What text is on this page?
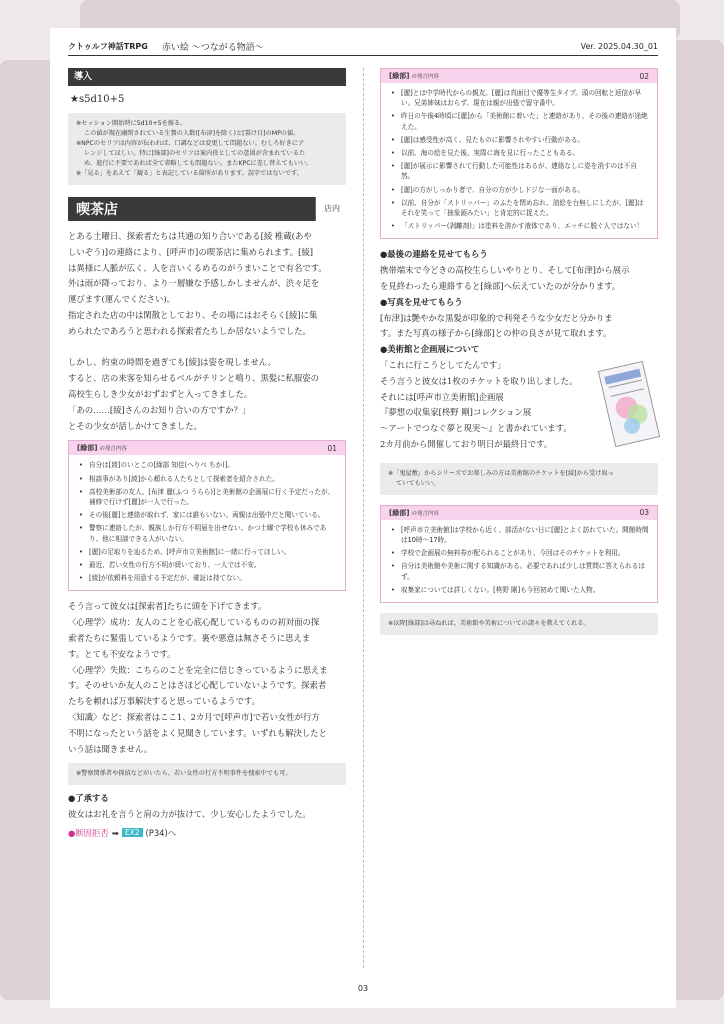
クトゥルフ神話TRPG 赤い絵 〜つながる物語〜	Ver. 2025.04.30_01
導入
★s5d10+5
※セッション開始時に5d10+5を振る。
この値が現在幽閉されている生贄の人数([布津]を除く)と[裂け目]のMPの値。
※NPCのセリフは内容が伝われば、口調などは変更して問題ない。むしろ好きにア
レンジしてほしい。特に[綠部]のセリフは案内役としての意図が含まれているた
め、進行に不要であれば全て省略しても問題ない。またKPCに差し替えてもいい。
※「見る」をあえて「観る」と表記している箇所があります。誤字ではないです。
喫茶店	店内

とある土曜日、探索者たちは共通の知り合いである[綾 椎蔵(あや

しいぞう)]の連絡により、[呼声市]の喫茶店に集められます。[綾]

は異様に人脈が広く、人を言いくるめるのがうまいことで有名です。

外は雨が降っており、より一層嫌な予感しかしませんが、渋々足を

運びます(運んでください)。

指定された店の中は閑散としており、その場にはおそらく[綾]に集

められたであろうと思われる探索者たちしか居ないようでした。

しかし、約束の時間を過ぎても[綾]は姿を現しません。

すると、店の来客を知らせるベルがチリンと鳴り、黒髪に私服姿の

高校生らしき少女がおずおずと入ってきました。

「あの……[綾]さんのお知り合いの方ですか？」

とその少女が話しかけてきました。

[綠部] の発言内容	01
• 自分は[綾]のいとこの[綠部 知佳(へりべ ちか)]。
• 相談事があり[綾]から頼れる人たちとして探索者を紹介された。
• 高校美術部の友人、[布津 麗(ふつ うらら)]と美術館の企画展に行く予定だったが、補修で行けず[麗]が一人で行った。
• その後[麗]と連絡が取れず、家には誰もいない。両親は出張中だと聞いている。
• 警察に連絡したが、親族しか行方不明届を出せない、かつ土曜で学校も休みであり、他に相談できる人がいない。
• [麗]の足取りを辿るため、[呼声市立美術館]に一緒に行ってほしい。
• 最近、若い女性の行方不明が続いており、一人では不安。
• [綾]が依頼料を用意する予定だが、確証は持てない。

そう言って彼女は[探索者]たちに頭を下げてきます。

〈心理学〉成功：友人のことを心底心配しているものの初対面の探

索者たちに緊張しているようです。裏や悪意は無さそうに思えま

す。とても不安なようです。

〈心理学〉失敗：こちらのことを完全に信じきっているように思えま

す。そのせいか友人のことはさほど心配していないようです。探索者

たちを頼れば万事解決すると思っているようです。

〈知識〉など：探索者はここ1、2カ月で[呼声市]で若い女性が行方

不明になったという話をよく見聞きしています。いずれも解決したと

いう話は聞きません。

※警察関係者や探偵などがいたら、若い女性の行方不明事件を捜索中でも可。

●了承する

彼女はお礼を言うと肩の力が抜けて、少し安心したようでした。

●断固拒否 ➡ EX2 (P34)へ
[綠部] の発言内容	02
• [麗]とは中学時代からの親友。[麗]は真面目で優等生タイプ。頭の回転と返信が早い。兄弟姉妹はおらず、現在は親が出張で留守番中。
• 昨日の午後4時頃に[麗]から「美術館に着いた」と連絡があり、その後の連絡が途絶えた。
• [麗]は感受性が高く、見たものに影響されやすい行動がある。
• 以前、海の絵を見た後、実際に海を見に行ったこともある。
• [麗]が展示に影響されて行動した可能性はあるが、連絡なしに姿を消すのは不自然。
• [麗]の方がしっかり者で、自分の方が少しドジな一面がある。
• 以前、自分が「ストリッパー」のふたを閉め忘れ、油絵を台無しにしたが、[麗]はそれを笑って「抽象画みたい」と肯定的に捉えた。
• 「ストリッパー(剥離剤)」は塗料を溶かす液体であり、エッチに脱ぐ人ではない！

●最後の連絡を見せてもらう

携帯端末で今どきの高校生らしいやりとり、そして[布津]から展示

を見終わったら連絡すると[綠部]へ伝えていたのが分かります。

●写真を見せてもらう

[布津]は艶やかな黒髪が印象的で利発そうな少女だと分かりま

す。また写真の様子から[綠部]との仲の良さが見て取れます。

●美術館と企画展について

「これに行こうとしてたんです」

そう言うと彼女は1枚のチケットを取り出しました。

それには[呼声市立美術館]企画展

『夢想の収集家[柊野 剛]コレクション展

〜アートでつなぐ夢と現実〜』と書かれています。

2カ月前から開催しており明日が最終日です。

※「鬼屋敷」からシリーズでお楽しみの方は美術館のチケットを[綾]から受け取っ
ていてもいい。
[綠部] の発言内容	03
• [呼声市立美術館]は学校から近く、部活がない日に[麗]とよく訪れていた。開館時間は10時〜17時。
• 学校で企画展の無料券が配られることがあり、今回はそのチケットを利用。
• 自分は美術館や美術に関する知識がある。必要であれば少しは質問に答えられるはず。
• 収集家については詳しくない。[柊野 剛]も今回初めて聞いた人物。
※以降[綠部]は尋ねれば、美術館や美術についての諸々を教えてくれる。
03
